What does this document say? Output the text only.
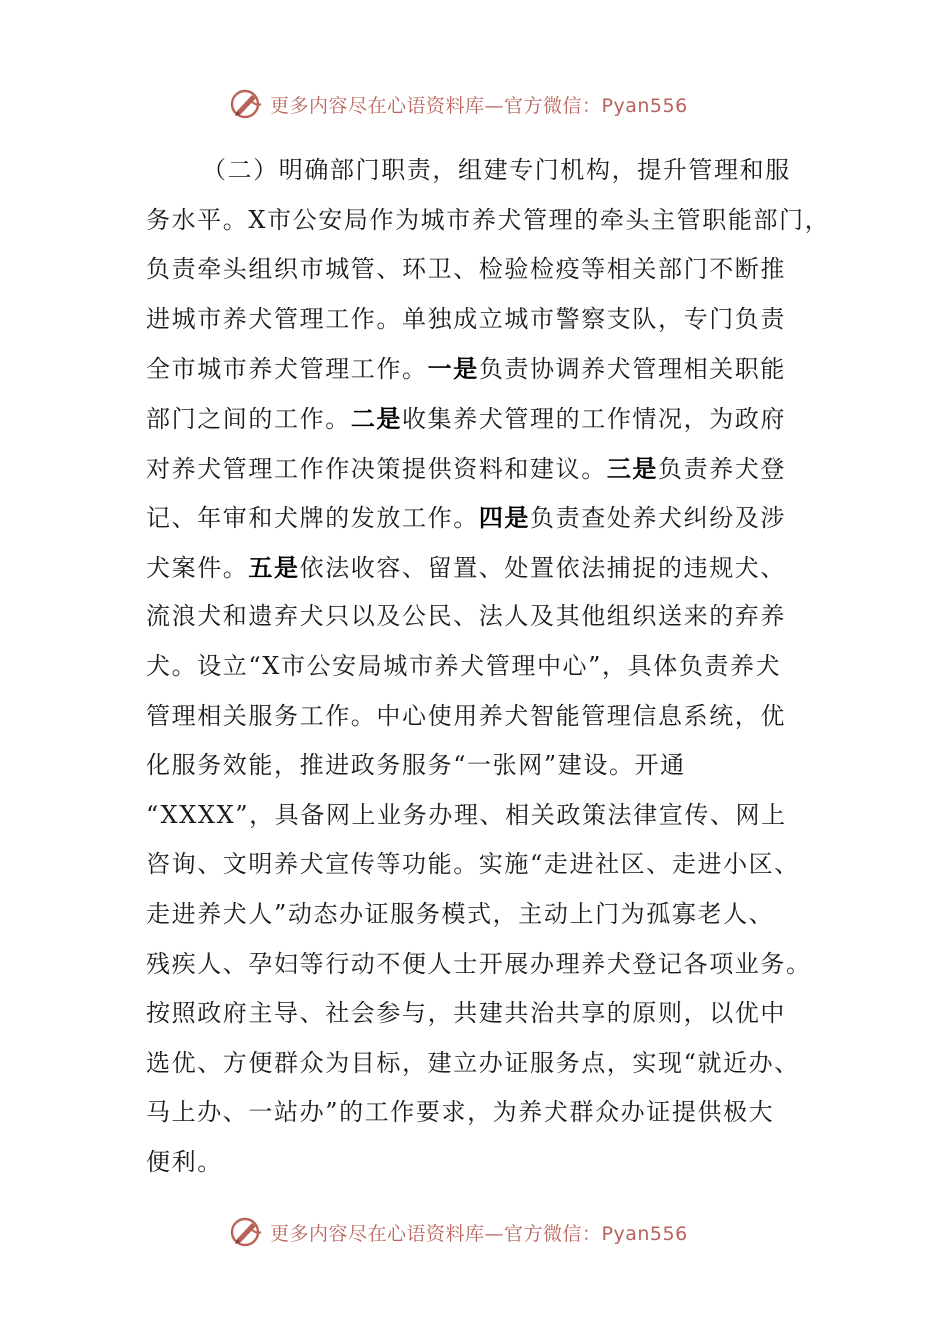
更多内容尽在心语资料库—官方微信：Pyan556

（二）明确部门职责，组建专门机构，提升管理和服

务水平。X市公安局作为城市养犬管理的牵头主管职能部门，

负责牵头组织市城管、环卫、检验检疫等相关部门不断推

进城市养犬管理工作。单独成立城市警察支队，专门负责

全市城市养犬管理工作。一是负责协调养犬管理相关职能

部门之间的工作。二是收集养犬管理的工作情况，为政府

对养犬管理工作作决策提供资料和建议。三是负责养犬登

记、年审和犬牌的发放工作。四是负责查处养犬纠纷及涉

犬案件。五是依法收容、留置、处置依法捕捉的违规犬、

流浪犬和遗弃犬只以及公民、法人及其他组织送来的弃养

犬。设立“X市公安局城市养犬管理中心”，具体负责养犬

管理相关服务工作。中心使用养犬智能管理信息系统，优

化服务效能，推进政务服务“一张网”建设。开通

“XXXX”，具备网上业务办理、相关政策法律宣传、网上

咨询、文明养犬宣传等功能。实施“走进社区、走进小区、

走进养犬人”动态办证服务模式，主动上门为孤寡老人、

残疾人、孕妇等行动不便人士开展办理养犬登记各项业务。

按照政府主导、社会参与，共建共治共享的原则，以优中

选优、方便群众为目标，建立办证服务点，实现“就近办、

马上办、一站办”的工作要求，为养犬群众办证提供极大

便利。

更多内容尽在心语资料库—官方微信：Pyan556
